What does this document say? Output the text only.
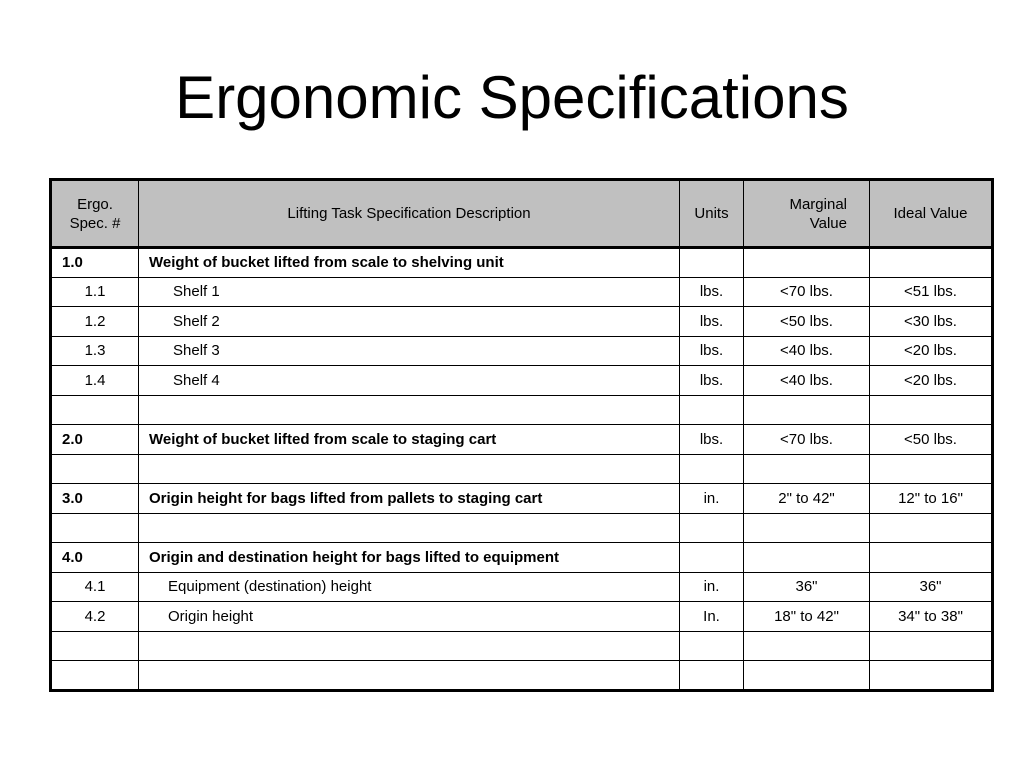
Ergonomic Specifications
Ergo. Spec. #	Lifting Task Specification Description	Units	Marginal Value	Ideal Value
1.0	Weight of bucket lifted from scale to shelving unit			
1.1	Shelf 1	lbs.	<70 lbs.	<51 lbs.
1.2	Shelf 2	lbs.	<50 lbs.	<30 lbs.
1.3	Shelf 3	lbs.	<40 lbs.	<20 lbs.
1.4	Shelf 4	lbs.	<40 lbs.	<20 lbs.

2.0	Weight of bucket lifted from scale to staging cart	lbs.	<70 lbs.	<50 lbs.

3.0	Origin height for bags lifted from pallets to staging cart	in.	2" to 42"	12" to 16"

4.0	Origin and destination height for bags lifted to equipment			
4.1	Equipment (destination) height	in.	36"	36"
4.2	Origin height	In.	18" to 42"	34" to 38"
